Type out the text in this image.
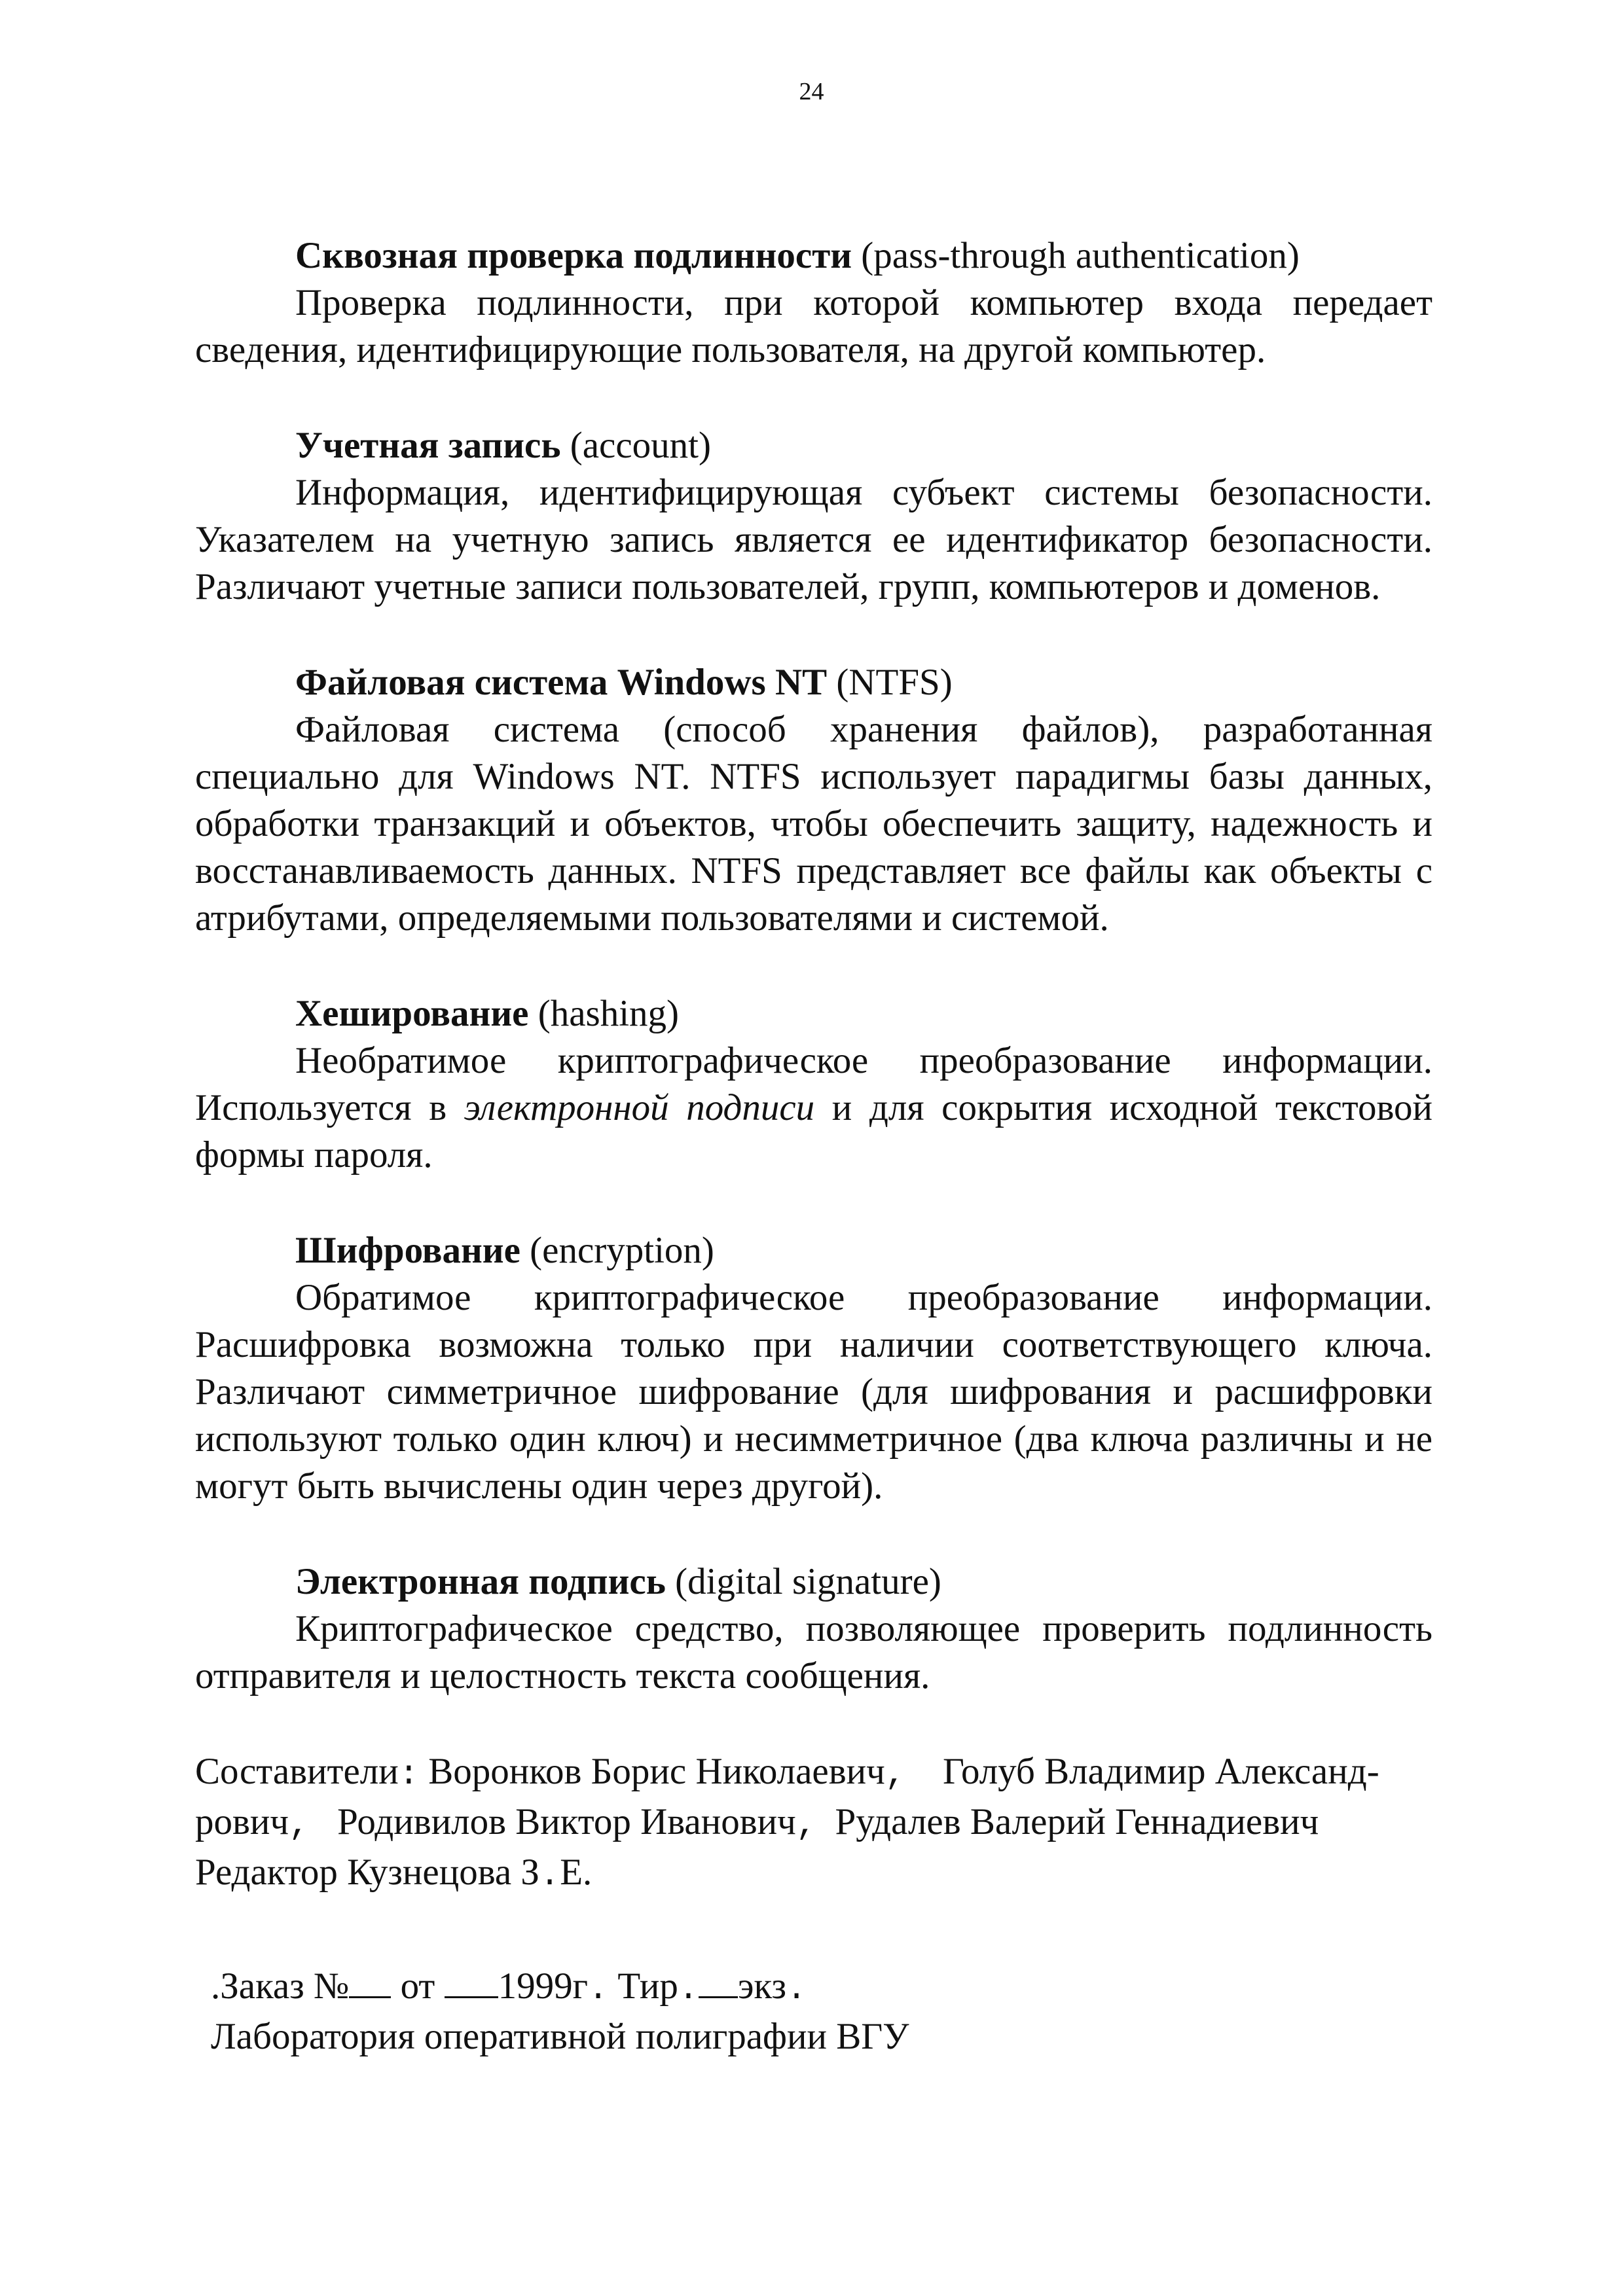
24

Сквозная проверка подлинности (pass-through authentication)

Проверка подлинности, при которой компьютер входа передает сведения, идентифицирующие пользователя, на другой компьютер.

Учетная запись (account)

Информация, идентифицирующая субъект системы безопасности. Указателем на учетную запись является ее идентификатор безопасности. Различают учетные записи пользователей, групп, компьютеров и доменов.

Файловая система Windows NT (NTFS)

Файловая система (способ хранения файлов), разработанная специально для Windows NT. NTFS использует парадигмы базы данных, обработки транзакций и объектов, чтобы обеспечить защиту, надежность и восстанавливаемость данных. NTFS представляет все файлы как объекты с атрибутами, определяемыми пользователями и системой.

Хеширование (hashing)

Необратимое криптографическое преобразование информации. Используется в электронной подписи и для сокрытия исходной текстовой формы пароля.

Шифрование (encryption)

Обратимое криптографическое преобразование информации. Расшифровка возможна только при наличии соответствующего ключа. Различают симметричное шифрование (для шифрования и расшифровки используют только один ключ) и несимметричное (два ключа различны и не могут быть вычислены один через другой).

Электронная подпись (digital signature)

Криптографическое средство, позволяющее проверить подлинность отправителя и целостность текста сообщения.

Составители: Воронков Борис Николаевич, Голуб Владимир Александ-

рович, Родивилов Виктор Иванович, Рудалев Валерий Геннадиевич

Редактор Кузнецова З.Е.

.Заказ № от 1999г. Тир. экз.

Лаборатория оперативной полиграфии ВГУ
